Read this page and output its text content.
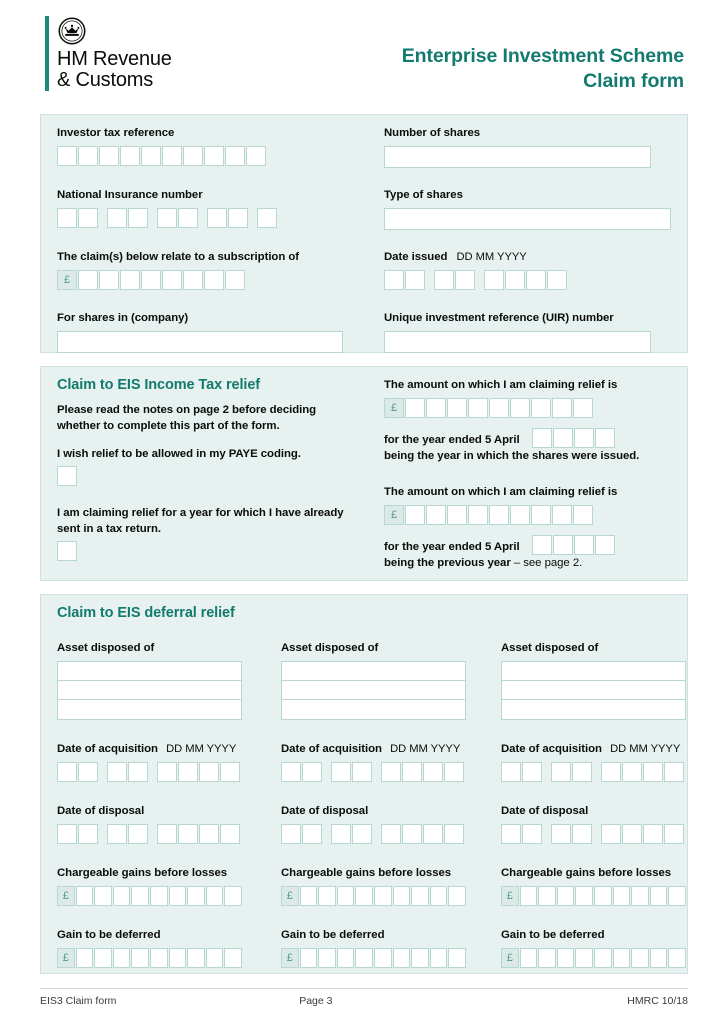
HM Revenue
& Customs
Enterprise Investment Scheme
Claim form
Investor tax reference
National Insurance number
The claim(s) below relate to a subscription of
£
For shares in (company)
Number of shares
Type of shares
Date issued DD MM YYYY
Unique investment reference (UIR) number
Claim to EIS Income Tax relief
Please read the notes on page 2 before deciding whether to complete this part of the form.
I wish relief to be allowed in my PAYE coding.
I am claiming relief for a year for which I have already sent in a tax return.
The amount on which I am claiming relief is
£
for the year ended 5 April
being the year in which the shares were issued.
The amount on which I am claiming relief is
£
for the year ended 5 April
being the previous year – see page 2.
Claim to EIS deferral relief
Asset disposed of
Date of acquisition DD MM YYYY
Date of disposal
Chargeable gains before losses
£
Gain to be deferred
£
Asset disposed of
Date of acquisition DD MM YYYY
Date of disposal
Chargeable gains before losses
£
Gain to be deferred
£
Asset disposed of
Date of acquisition DD MM YYYY
Date of disposal
Chargeable gains before losses
£
Gain to be deferred
£
EIS3 Claim form	Page 3	HMRC 10/18
